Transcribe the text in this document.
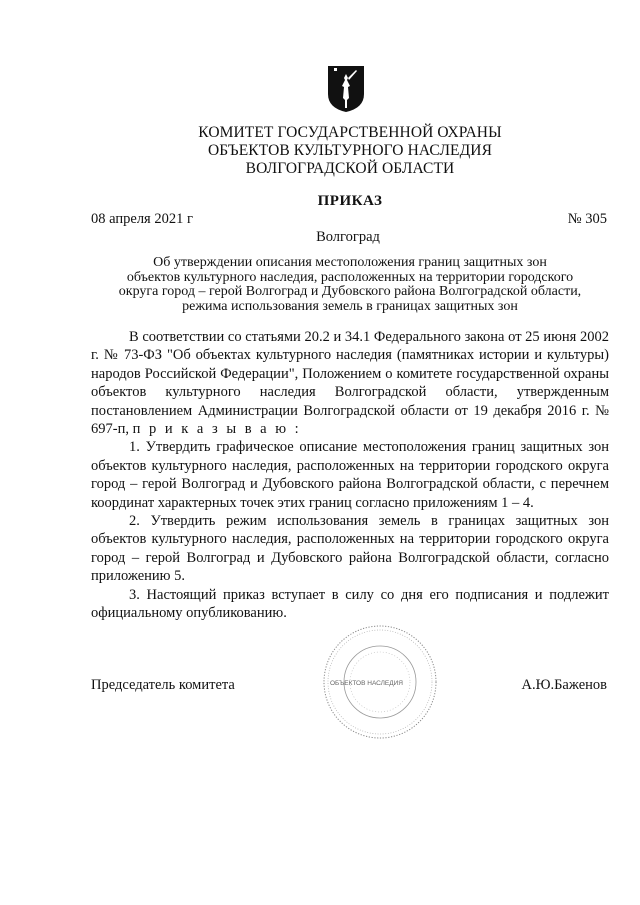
КОМИТЕТ ГОСУДАРСТВЕННОЙ ОХРАНЫ
ОБЪЕКТОВ КУЛЬТУРНОГО НАСЛЕДИЯ
ВОЛГОГРАДСКОЙ ОБЛАСТИ
ПРИКАЗ
08 апреля 2021 г	№ 305
Волгоград
Об утверждении описания местоположения границ защитных зон
объектов культурного наследия, расположенных на территории городского
округа город – герой Волгоград и Дубовского района Волгоградской области,
режима использования земель в границах защитных зон

В соответствии со статьями 20.2 и 34.1 Федерального закона от 25 июня 2002 г. № 73-ФЗ "Об объектах культурного наследия (памятниках истории и культуры) народов Российской Федерации", Положением о комитете государственной охраны объектов культурного наследия Волгоградской области, утвержденным постановлением Администрации Волгоградской области от 19 декабря 2016 г. № 697-п, п р и к а з ы в а ю :

1. Утвердить графическое описание местоположения границ защитных зон объектов культурного наследия, расположенных на территории городского округа город – герой Волгоград и Дубовского района Волгоградской области, с перечнем координат характерных точек этих границ согласно приложениям 1 – 4.

2. Утвердить режим использования земель в границах защитных зон объектов культурного наследия, расположенных на территории городского округа город – герой Волгоград и Дубовского района Волгоградской области, согласно приложению 5.

3. Настоящий приказ вступает в силу со дня его подписания и подлежит официальному опубликованию.

ОБЪЕКТОВ НАСЛЕДИЯ
Председатель комитета	А.Ю.Баженов
